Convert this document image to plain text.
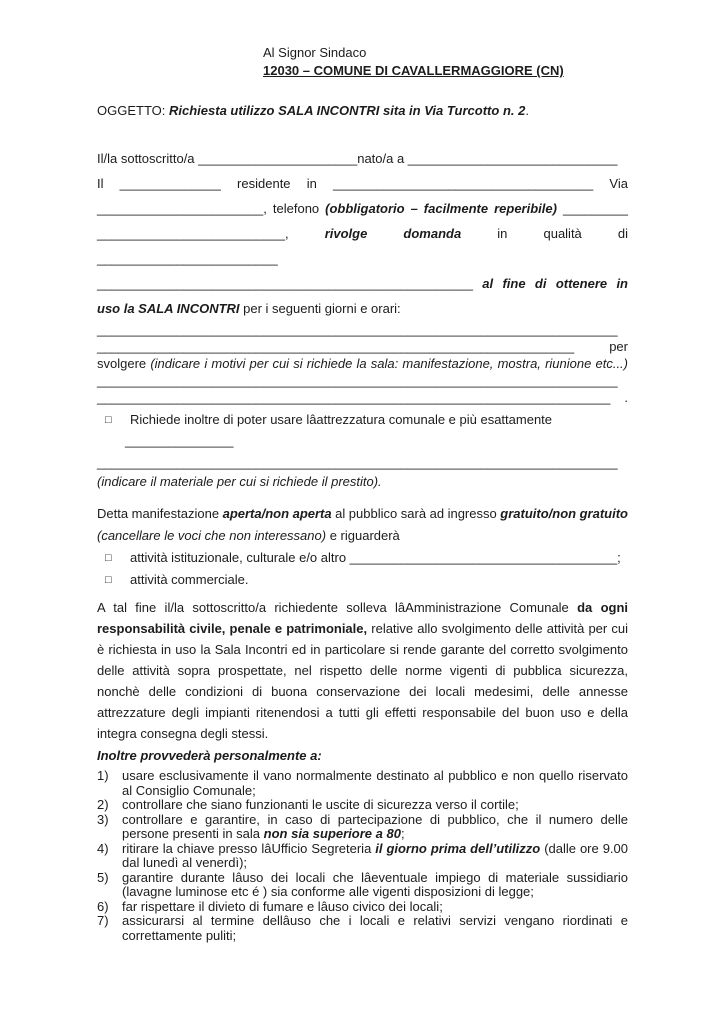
Al Signor Sindaco
12030 – COMUNE DI CAVALLERMAGGIORE (CN)
OGGETTO: Richiesta utilizzo SALA INCONTRI sita in Via Turcotto n. 2.
Il/la sottoscritto/a ______________________nato/a a _____________________________
Il ______________ residente in ____________________________________ Via
_______________________, telefono (obbligatorio – facilmente reperibile) _________
__________________________, rivolge domanda in qualità di
_________________________
____________________________________________________ al fine di ottenere in
uso la SALA INCONTRI per i seguenti giorni e orari:
________________________________________________________________________
__________________________________________________________________ per
svolgere (indicare i motivi per cui si richiede la sala: manifestazione, mostra, riunione etc...)
________________________________________________________________________
_______________________________________________________________________ .
□ Richiede inoltre di poter usare lâattrezzatura comunale e più esattamente
_______________
________________________________________________________________________
(indicare il materiale per cui si richiede il prestito).
Detta manifestazione aperta/non aperta al pubblico sarà ad ingresso gratuito/non gratuito
(cancellare le voci che non interessano) e riguarderà
□ attività istituzionale, culturale e/o altro _____________________________________;
□ attività commerciale.
A tal fine il/la sottoscritto/a richiedente solleva lâAmministrazione Comunale da ogni responsabilità civile, penale e patrimoniale, relative allo svolgimento delle attività per cui è richiesta in uso la Sala Incontri ed in particolare si rende garante del corretto svolgimento delle attività sopra prospettate, nel rispetto delle norme vigenti di pubblica sicurezza, nonchè delle condizioni di buona conservazione dei locali medesimi, delle annesse attrezzature degli impianti ritenendosi a tutti gli effetti responsabile del buon uso e della integra consegna degli stessi.
Inoltre provvederà personalmente a:
1) usare esclusivamente il vano normalmente destinato al pubblico e non quello riservato al Consiglio Comunale;
2) controllare che siano funzionanti le uscite di sicurezza verso il cortile;
3) controllare e garantire, in caso di partecipazione di pubblico, che il numero delle persone presenti in sala non sia superiore a 80;
4) ritirare la chiave presso lâUfficio Segreteria il giorno prima dell’utilizzo (dalle ore 9.00 dal lunedì al venerdì);
5) garantire durante lâuso dei locali che lâeventuale impiego di materiale sussidiario (lavagne luminose etc é ) sia conforme alle vigenti disposizioni di legge;
6) far rispettare il divieto di fumare e lâuso civico dei locali;
7) assicurarsi al termine dellâuso che i locali e relativi servizi vengano riordinati e correttamente puliti;
